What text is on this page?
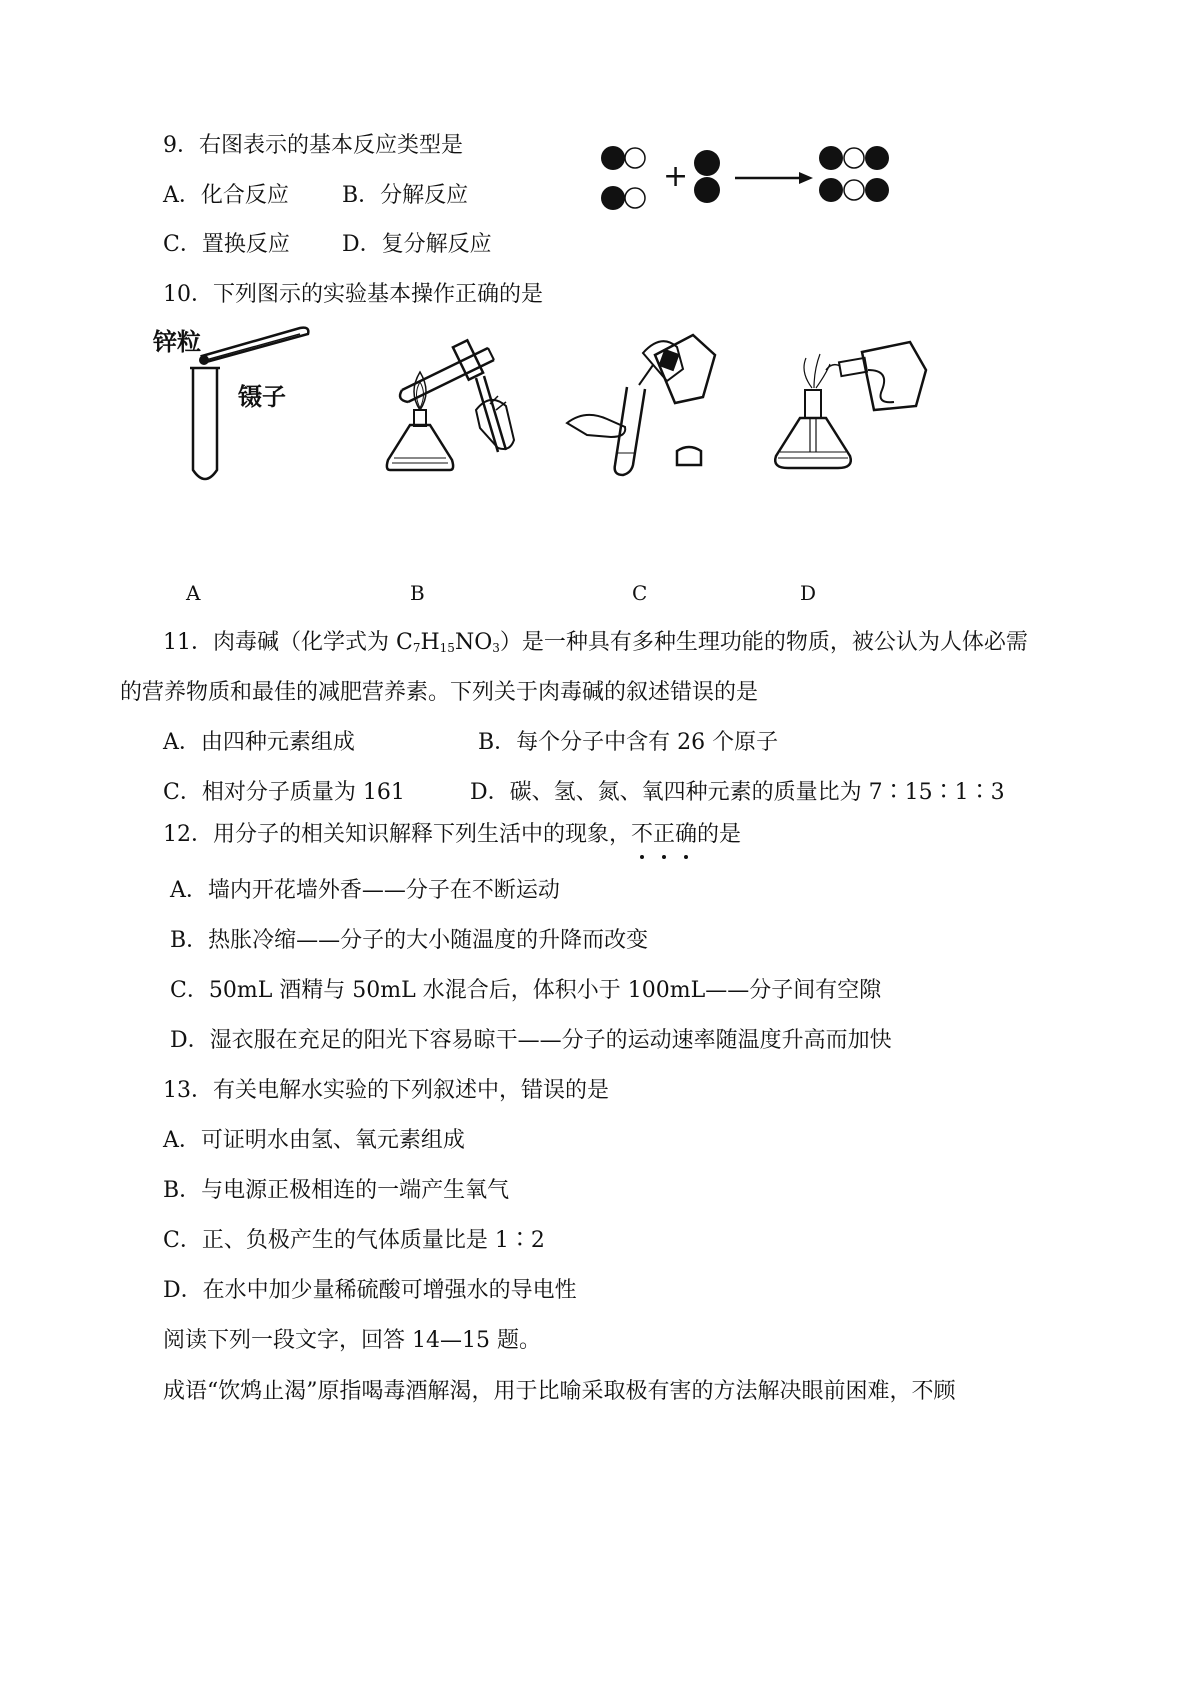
9．右图表示的基本反应类型是
A．化合反应 B．分解反应
C．置换反应 D．复分解反应
+
10．下列图示的实验基本操作正确的是
锌粒
镊子
A	B	C	D
11．肉毒碱（化学式为 $C_7H_{15}NO_3$）是一种具有多种生理功能的物质，被公认为人体必需
的营养物质和最佳的减肥营养素。下列关于肉毒碱的叙述错误的是
A．由四种元素组成	B．每个分子中含有 26 个原子
C．相对分子质量为 161	D．碳、氢、氮、氧四种元素的质量比为 7∶15∶1∶3
12．用分子的相关知识解释下列生活中的现象，不正确
的是
A．墙内开花墙外香——分子在不断运动
B．热胀冷缩——分子的大小随温度的升降而改变
C．50mL 酒精与 50mL 水混合后，体积小于 100mL——分子间有空隙
D．湿衣服在充足的阳光下容易晾干——分子的运动速率随温度升高而加快
13．有关电解水实验的下列叙述中，错误的是
A．可证明水由氢、氧元素组成
B．与电源正极相连的一端产生氧气
C．正、负极产生的气体质量比是 1∶2
D．在水中加少量稀硫酸可增强水的导电性
阅读下列一段文字，回答 14—15 题。
成语“饮鸩止渴”原指喝毒酒解渴，用于比喻采取极有害的方法解决眼前困难，不顾
